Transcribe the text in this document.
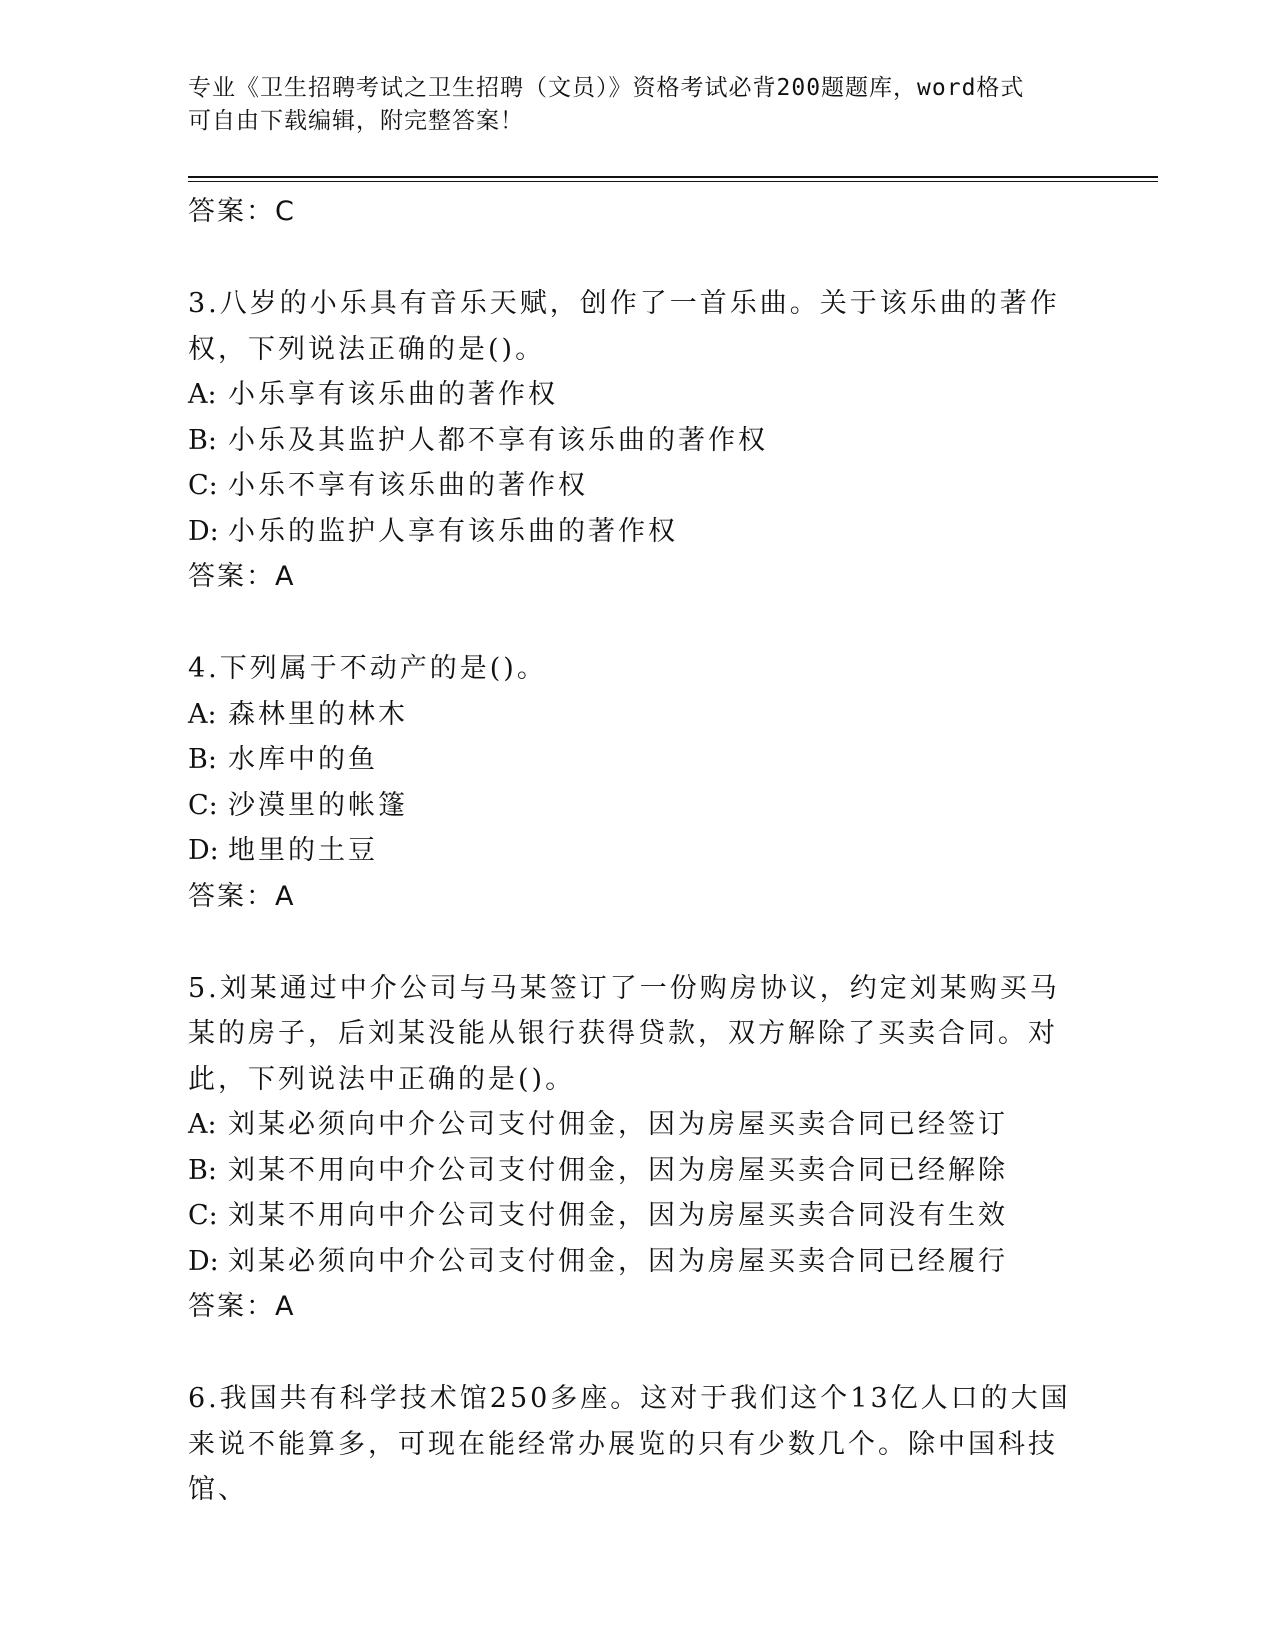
专业《卫生招聘考试之卫生招聘（文员）》资格考试必背200题题库，word格式
可自由下载编辑，附完整答案！
答案：C
3.八岁的小乐具有音乐天赋，创作了一首乐曲。关于该乐曲的著作权，下列说法正确的是()。
A: 小乐享有该乐曲的著作权
B: 小乐及其监护人都不享有该乐曲的著作权
C: 小乐不享有该乐曲的著作权
D: 小乐的监护人享有该乐曲的著作权
答案：A
4.下列属于不动产的是()。
A: 森林里的林木
B: 水库中的鱼
C: 沙漠里的帐篷
D: 地里的土豆
答案：A
5.刘某通过中介公司与马某签订了一份购房协议，约定刘某购买马某的房子，后刘某没能从银行获得贷款，双方解除了买卖合同。对此，下列说法中正确的是()。
A: 刘某必须向中介公司支付佣金，因为房屋买卖合同已经签订
B: 刘某不用向中介公司支付佣金，因为房屋买卖合同已经解除
C: 刘某不用向中介公司支付佣金，因为房屋买卖合同没有生效
D: 刘某必须向中介公司支付佣金，因为房屋买卖合同已经履行
答案：A
6.我国共有科学技术馆250多座。这对于我们这个13亿人口的大国来说不能算多，可现在能经常办展览的只有少数几个。除中国科技馆、
